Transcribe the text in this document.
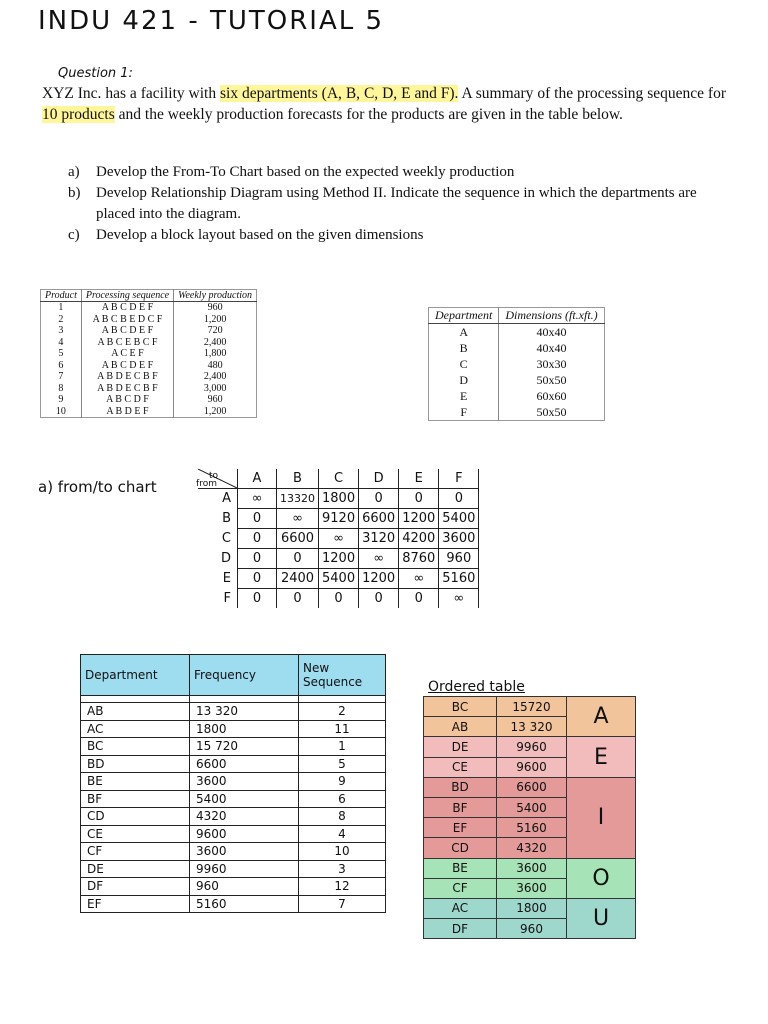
INDU 421 - TUTORIAL 5
Question 1:

XYZ Inc. has a facility with six departments (A, B, C, D, E and F). A summary of the processing sequence for 10 products and the weekly production forecasts for the products are given in the table below.

a)	Develop the From-To Chart based on the expected weekly production
b)	Develop Relationship Diagram using Method II. Indicate the sequence in which the departments are placed into the diagram.
c)	Develop a block layout based on the given dimensions
Product	Processing sequence	Weekly production
1	A B C D E F	960
2	A B C B E D C F	1,200
3	A B C D E F	720
4	A B C E B C F	2,400
5	A C E F	1,800
6	A B C D E F	480
7	A B D E C B F	2,400
8	A B D E C B F	3,000
9	A B C D F	960
10	A B D E F	1,200
Department	Dimensions (ft.xft.)
A	40x40
B	40x40
C	30x30
D	50x50
E	60x60
F	50x50
a) from/to chart
$^{to}_{from}$	A	B	C	D	E	F
A	∞	13320	1800	0	0	0
B	0	∞	9120	6600	1200	5400
C	0	6600	∞	3120	4200	3600
D	0	0	1200	∞	8760	960
E	0	2400	5400	1200	∞	5160
F	0	0	0	0	0	∞
Department	Frequency	New Sequence

AB	13 320	2
AC	1800	11
BC	15 720	1
BD	6600	5
BE	3600	9
BF	5400	6
CD	4320	8
CE	9600	4
CF	3600	10
DE	9960	3
DF	960	12
EF	5160	7
Ordered table
BC	15720	A
AB	13 320	
DE	9960	E
CE	9600	
BD	6600	I
BF	5400	
EF	5160	
CD	4320	
BE	3600	O
CF	3600	
AC	1800	U
DF	960	
